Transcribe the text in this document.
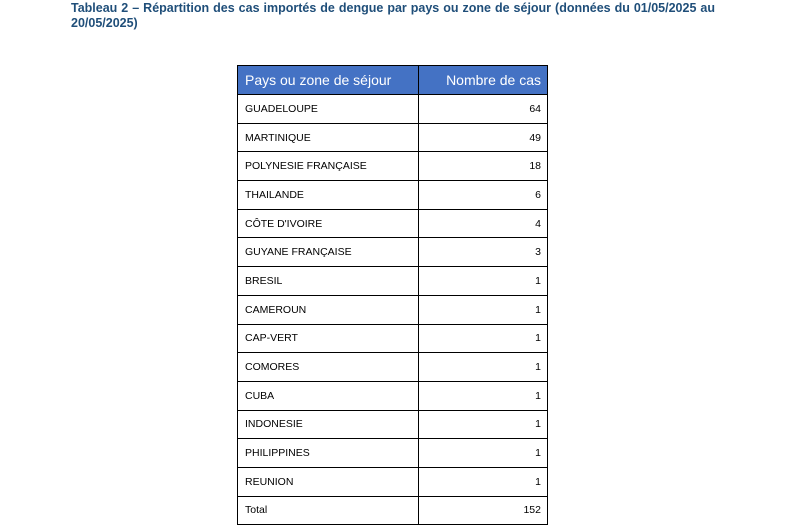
Tableau 2 – Répartition des cas importés de dengue par pays ou zone de séjour (données du 01/05/2025 au 20/05/2025)

Pays ou zone de séjour	Nombre de cas
GUADELOUPE	64
MARTINIQUE	49
POLYNESIE FRANÇAISE	18
THAILANDE	6
CÔTE D'IVOIRE	4
GUYANE FRANÇAISE	3
BRESIL	1
CAMEROUN	1
CAP-VERT	1
COMORES	1
CUBA	1
INDONESIE	1
PHILIPPINES	1
REUNION	1
Total	152
